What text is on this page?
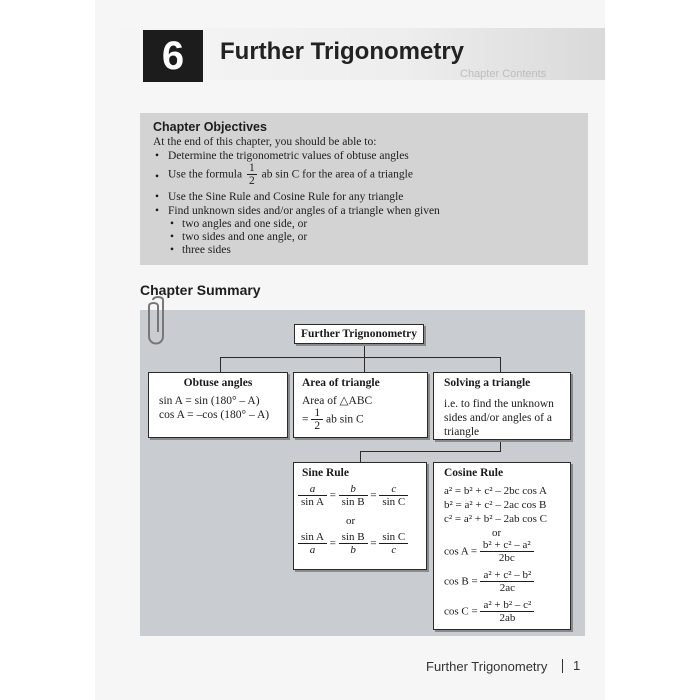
Chapter Contents
6	Further Trigonometry
Chapter Objectives
At the end of this chapter, you should be able to:
• Determine the trigonometric values of obtuse angles
• Use the formula $\frac{1}{2}$ ab sin C for the area of a triangle
• Use the Sine Rule and Cosine Rule for any triangle
• Find unknown sides and/or angles of a triangle when given
• two angles and one side, or
• two sides and one angle, or
• three sides
Chapter Summary
Further Trignonometry
Obtuse angles
sin A = sin (180° – A)
cos A = –cos (180° – A)
Area of triangle
Area of △ABC
= $\frac{1}{2}$ ab sin C
Solving a triangle
i.e. to find the unknown
sides and/or angles of a
triangle
Sine Rule
$\frac{a}{\text{sin A}} = \frac{b}{\text{sin B}} = \frac{c}{\text{sin C}}$
or
$\frac{\text{sin A}}{a} = \frac{\text{sin B}}{b} = \frac{\text{sin C}}{c}$
Cosine Rule
a² = b² + c² – 2bc cos A
b² = a² + c² – 2ac cos B
c² = a² + b² – 2ab cos C
or
$\cos A = \frac{\text{b² + c² – a²}}{2bc}$
$\cos B = \frac{\text{a² + c² – b²}}{2ac}$
$\cos C = \frac{\text{a² + b² – c²}}{2ab}$
Further Trigonometry 1
